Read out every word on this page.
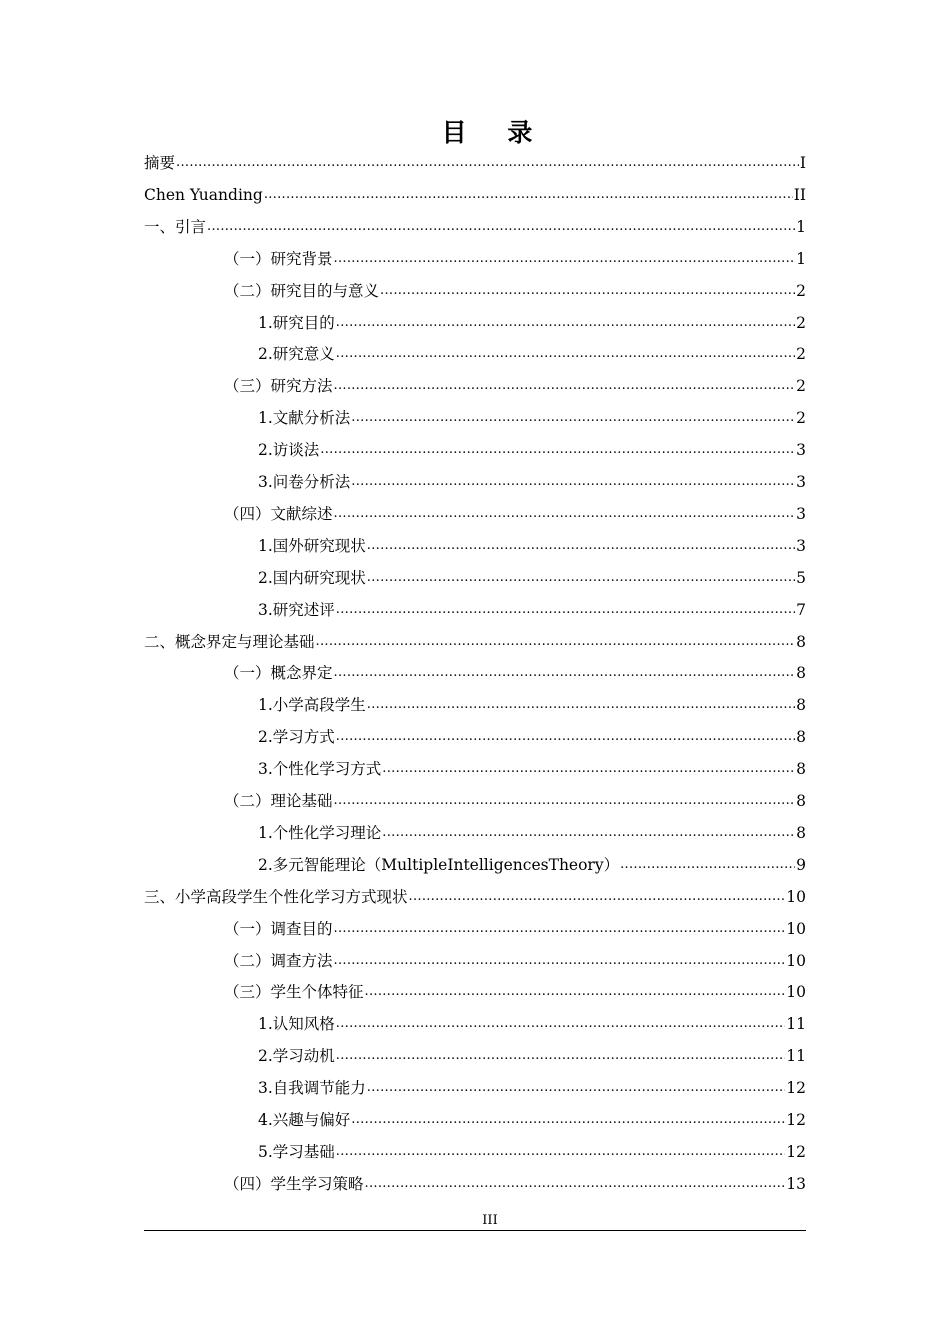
目 录
摘要 .....	I
Chen Yuanding .....	II
一、引言 .....	1
（一）研究背景 .....	1
（二）研究目的与意义 .....	2
1.研究目的 .....	2
2.研究意义 .....	2
（三）研究方法 .....	2
1.文献分析法 .....	2
2.访谈法 .....	3
3.问卷分析法 .....	3
（四）文献综述 .....	3
1.国外研究现状 .....	3
2.国内研究现状 .....	5
3.研究述评 .....	7
二、概念界定与理论基础 .....	8
（一）概念界定 .....	8
1.小学高段学生 .....	8
2.学习方式 .....	8
3.个性化学习方式 .....	8
（二）理论基础 .....	8
1.个性化学习理论 .....	8
2.多元智能理论（MultipleIntelligencesTheory） .....	9
三、小学高段学生个性化学习方式现状 .....	10
（一）调查目的 .....	10
（二）调查方法 .....	10
（三）学生个体特征 .....	10
1.认知风格 .....	11
2.学习动机 .....	11
3.自我调节能力 .....	12
4.兴趣与偏好 .....	12
5.学习基础 .....	12
（四）学生学习策略 .....	13
III
